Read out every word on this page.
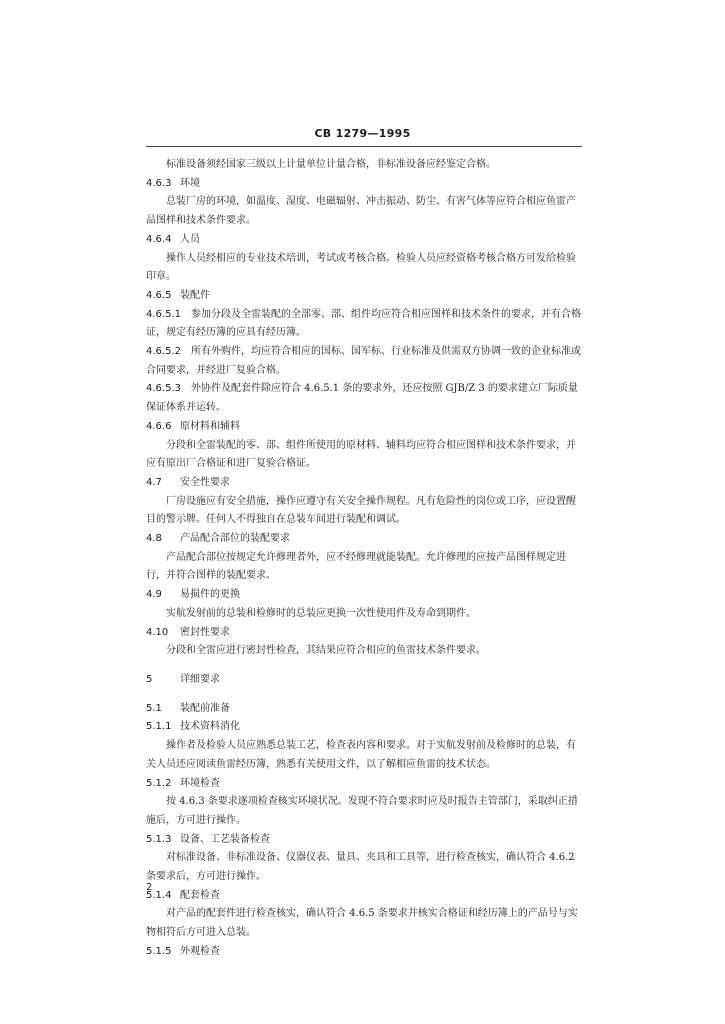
CB 1279—1995

标准设备须经国家三级以上计量单位计量合格，非标准设备应经鉴定合格。

4.6.3 环境

总装厂房的环境，如温度、湿度、电磁辐射、冲击振动、防尘、有害气体等应符合相应鱼雷产品图样和技术条件要求。

4.6.4 人员

操作人员经相应的专业技术培训，考试或考核合格。检验人员应经资格考核合格方可发给检验印章。

4.6.5 装配件

4.6.5.1 参加分段及全雷装配的全部零、部、组件均应符合相应图样和技术条件的要求，并有合格证，规定有经历簿的应具有经历簿。

4.6.5.2 所有外购件，均应符合相应的国标、国军标、行业标准及供需双方协调一致的企业标准或合同要求，并经进厂复验合格。

4.6.5.3 外协件及配套件除应符合 4.6.5.1 条的要求外，还应按照 GJB/Z 3 的要求建立厂际质量保证体系并运转。

4.6.6 原材料和辅料

分段和全雷装配的零、部、组件所使用的原材料、辅料均应符合相应图样和技术条件要求，并应有原出厂合格证和进厂复验合格证。

4.7 安全性要求

厂房设施应有安全措施，操作应遵守有关安全操作规程。凡有危险性的岗位或工序，应设置醒目的警示牌。任何人不得独自在总装车间进行装配和调试。

4.8 产品配合部位的装配要求

产品配合部位按规定允许修理者外，应不经修理就能装配。允许修理的应按产品图样规定进行，并符合图样的装配要求。

4.9 易损件的更换

实航发射前的总装和检修时的总装应更换一次性使用件及寿命到期件。

4.10 密封性要求

分段和全雷应进行密封性检查，其结果应符合相应的鱼雷技术条件要求。

5	详细要求

5.1 装配前准备

5.1.1 技术资料消化

操作者及检验人员应熟悉总装工艺，检查表内容和要求。对于实航发射前及检修时的总装，有关人员还应阅读鱼雷经历簿，熟悉有关使用文件，以了解相应鱼雷的技术状态。

5.1.2 环境检查

按 4.6.3 条要求逐项检查核实环境状况。发现不符合要求时应及时报告主管部门，采取纠正措施后，方可进行操作。

5.1.3 设备、工艺装备检查

对标准设备、非标准设备、仪器仪表、量具、夹具和工具等，进行检查核实，确认符合 4.6.2 条要求后，方可进行操作。

5.1.4 配套检查

对产品的配套件进行检查核实，确认符合 4.6.5 条要求并核实合格证和经历簿上的产品号与实物相符后方可进入总装。

5.1.5 外观检查

2
